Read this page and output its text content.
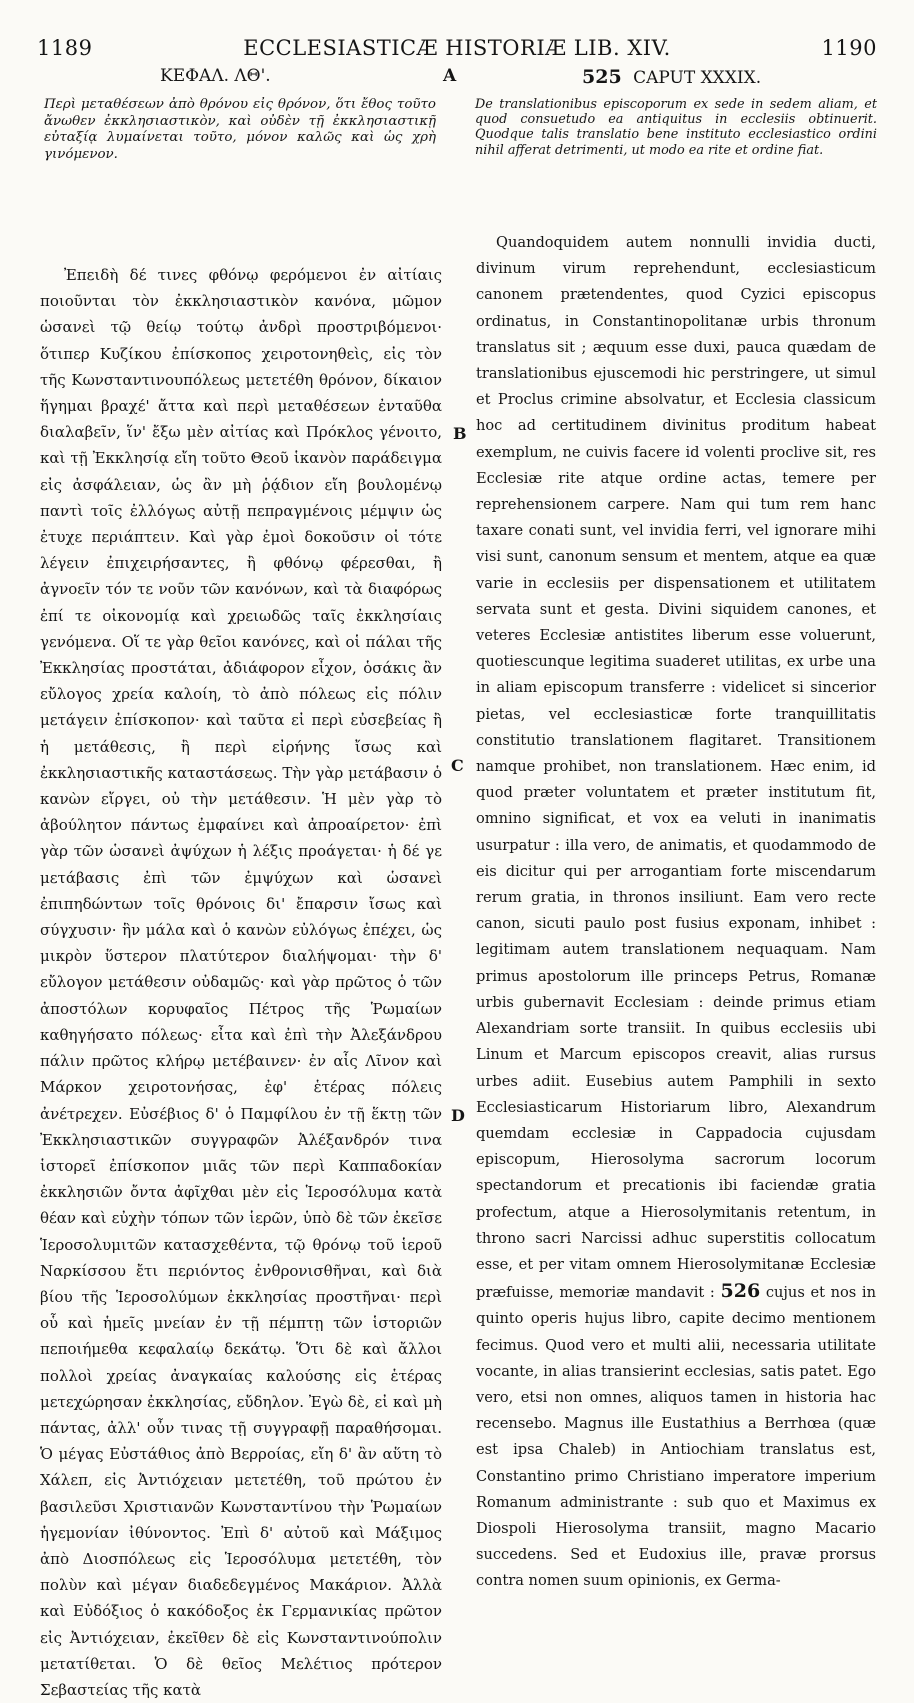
1189	ECCLESIASTICÆ HISTORIÆ LIB. XIV.	1190
ΚΕΦΑΛ. ΛΘ'.	A	525 CAPUT XXXIX.
Περὶ μεταθέσεων ἀπὸ θρόνου εἰς θρόνον, ὅτι ἔθος τοῦτο ἄνωθεν ἐκκλησιαστικὸν, καὶ οὐδὲν τῇ ἐκκλησιαστικῇ εὐταξίᾳ λυμαίνεται τοῦτο, μόνον καλῶς καὶ ὡς χρὴ γινόμενον.
De translationibus episcoporum ex sede in sedem aliam, et quod consuetudo ea antiquitus in ecclesiis obtinuerit. Quodque talis translatio bene instituto ecclesiastico ordini nihil afferat detrimenti, ut modo ea rite et ordine fiat.
Ἐπειδὴ δέ τινες φθόνῳ φερόμενοι ἐν αἰτίαις ποιοῦνται τὸν ἐκκλησιαστικὸν κανόνα, μῶμον ὡσανεὶ τῷ θείῳ τούτῳ ἀνδρὶ προστριβόμενοι· ὅτιπερ Κυζίκου ἐπίσκοπος χειροτονηθεὶς, εἰς τὸν τῆς Κωνσταντινουπόλεως μετετέθη θρόνον, δίκαιον ἥγημαι βραχέ' ἄττα καὶ περὶ μεταθέσεων ἐνταῦθα διαλαβεῖν, ἵν' ἔξω μὲν αἰτίας καὶ Πρόκλος γένοιτο, καὶ τῇ Ἐκκλησίᾳ εἴη τοῦτο Θεοῦ ἱκανὸν παράδειγμα εἰς ἀσφάλειαν, ὡς ἂν μὴ ῥᾴδιον εἴη βουλομένῳ παντὶ τοῖς ἐλλόγως αὐτῇ πεπραγμένοις μέμψιν ὡς ἐτυχε περιάπτειν. Καὶ γὰρ ἐμοὶ δοκοῦσιν οἱ τότε λέγειν ἐπιχειρήσαντες, ἢ φθόνῳ φέρεσθαι, ἢ ἀγνοεῖν τόν τε νοῦν τῶν κανόνων, καὶ τὰ διαφόρως ἐπί τε οἰκονομίᾳ καὶ χρειωδῶς ταῖς ἐκκλησίαις γενόμενα. Οἵ τε γὰρ θεῖοι κανόνες, καὶ οἱ πάλαι τῆς Ἐκκλησίας προστάται, ἀδιάφορον εἶχον, ὁσάκις ἂν εὔλογος χρεία καλοίη, τὸ ἀπὸ πόλεως εἰς πόλιν μετάγειν ἐπίσκοπον· καὶ ταῦτα εἰ περὶ εὐσεβείας ἢ ἡ μετάθεσις, ἢ περὶ εἰρήνης ἴσως καὶ ἐκκλησιαστικῆς καταστάσεως. Τὴν γὰρ μετάβασιν ὁ κανὼν εἴργει, οὐ τὴν μετάθεσιν. Ἡ μὲν γὰρ τὸ ἀβούλητον πάντως ἐμφαίνει καὶ ἀπροαίρετον· ἐπὶ γὰρ τῶν ὡσανεὶ ἀψύχων ἡ λέξις προάγεται· ἡ δέ γε μετάβασις ἐπὶ τῶν ἐμψύχων καὶ ὡσανεὶ ἐπιπηδώντων τοῖς θρόνοις δι' ἔπαρσιν ἴσως καὶ σύγχυσιν· ἣν μάλα καὶ ὁ κανὼν εὐλόγως ἐπέχει, ὡς μικρὸν ὕστερον πλατύτερον διαλήψομαι· τὴν δ' εὔλογον μετάθεσιν οὐδαμῶς· καὶ γὰρ πρῶτος ὁ τῶν ἀποστόλων κορυφαῖος Πέτρος τῆς Ῥωμαίων καθηγήσατο πόλεως· εἶτα καὶ ἐπὶ τὴν Ἀλεξάνδρου πάλιν πρῶτος κλήρῳ μετέβαινεν· ἐν αἷς Λῖνον καὶ Μάρκον χειροτονήσας, ἐφ' ἑτέρας πόλεις ἀνέτρεχεν. Εὐσέβιος δ' ὁ Παμφίλου ἐν τῇ ἕκτῃ τῶν Ἐκκλησιαστικῶν συγγραφῶν Ἀλέξανδρόν τινα ἱστορεῖ ἐπίσκοπον μιᾶς τῶν περὶ Καππαδοκίαν ἐκκλησιῶν ὄντα ἀφῖχθαι μὲν εἰς Ἱεροσόλυμα κατὰ θέαν καὶ εὐχὴν τόπων τῶν ἱερῶν, ὑπὸ δὲ τῶν ἐκεῖσε Ἱεροσολυμιτῶν κατασχεθέντα, τῷ θρόνῳ τοῦ ἱεροῦ Ναρκίσσου ἔτι περιόντος ἐνθρονισθῆναι, καὶ διὰ βίου τῆς Ἱεροσολύμων ἐκκλησίας προστῆναι· περὶ οὗ καὶ ἡμεῖς μνείαν ἐν τῇ πέμπτῃ τῶν ἱστοριῶν πεποιήμεθα κεφαλαίῳ δεκάτῳ. Ὅτι δὲ καὶ ἄλλοι πολλοὶ χρείας ἀναγκαίας καλούσης εἰς ἑτέρας μετεχώρησαν ἐκκλησίας, εὔδηλον. Ἐγὼ δὲ, εἰ καὶ μὴ πάντας, ἀλλ' οὖν τινας τῇ συγγραφῇ παραθήσομαι. Ὁ μέγας Εὐστάθιος ἀπὸ Βερροίας, εἴη δ' ἂν αὕτη τὸ Χάλεπ, εἰς Ἀντιόχειαν μετετέθη, τοῦ πρώτου ἐν βασιλεῦσι Χριστιανῶν Κωνσταντίνου τὴν Ῥωμαίων ἡγεμονίαν ἰθύνοντος. Ἐπὶ δ' αὐτοῦ καὶ Μάξιμος ἀπὸ Διοσπόλεως εἰς Ἱεροσόλυμα μετετέθη, τὸν πολὺν καὶ μέγαν διαδεδεγμένος Μακάριον. Ἀλλὰ καὶ Εὐδόξιος ὁ κακόδοξος ἐκ Γερμανικίας πρῶτον εἰς Ἀντιόχειαν, ἐκεῖθεν δὲ εἰς Κωνσταντινούπολιν μετατίθεται. Ὁ δὲ θεῖος Μελέτιος πρότερον Σεβαστείας τῆς κατὰ
Quandoquidem autem nonnulli invidia ducti, divinum virum reprehendunt, ecclesiasticum canonem prætendentes, quod Cyzici episcopus ordinatus, in Constantinopolitanæ urbis thronum translatus sit ; æquum esse duxi, pauca quædam de translationibus ejuscemodi hic perstringere, ut simul et Proclus crimine absolvatur, et Ecclesia classicum hoc ad certitudinem divinitus proditum habeat exemplum, ne cuivis facere id volenti proclive sit, res Ecclesiæ rite atque ordine actas, temere per reprehensionem carpere. Nam qui tum rem hanc taxare conati sunt, vel invidia ferri, vel ignorare mihi visi sunt, canonum sensum et mentem, atque ea quæ varie in ecclesiis per dispensationem et utilitatem servata sunt et gesta. Divini siquidem canones, et veteres Ecclesiæ antistites liberum esse voluerunt, quotiescunque legitima suaderet utilitas, ex urbe una in aliam episcopum transferre : videlicet si sincerior pietas, vel ecclesiasticæ forte tranquillitatis constitutio translationem flagitaret. Transitionem namque prohibet, non translationem. Hæc enim, id quod præter voluntatem et præter institutum fit, omnino significat, et vox ea veluti in inanimatis usurpatur : illa vero, de animatis, et quodammodo de eis dicitur qui per arrogantiam forte miscendarum rerum gratia, in thronos insiliunt. Eam vero recte canon, sicuti paulo post fusius exponam, inhibet : legitimam autem translationem nequaquam. Nam primus apostolorum ille princeps Petrus, Romanæ urbis gubernavit Ecclesiam : deinde primus etiam Alexandriam sorte transiit. In quibus ecclesiis ubi Linum et Marcum episcopos creavit, alias rursus urbes adiit. Eusebius autem Pamphili in sexto Ecclesiasticarum Historiarum libro, Alexandrum quemdam ecclesiæ in Cappadocia cujusdam episcopum, Hierosolyma sacrorum locorum spectandorum et precationis ibi faciendæ gratia profectum, atque a Hierosolymitanis retentum, in throno sacri Narcissi adhuc superstitis collocatum esse, et per vitam omnem Hierosolymitanæ Ecclesiæ præfuisse, memoriæ mandavit : 526 cujus et nos in quinto operis hujus libro, capite decimo mentionem fecimus. Quod vero et multi alii, necessaria utilitate vocante, in alias transierint ecclesias, satis patet. Ego vero, etsi non omnes, aliquos tamen in historia hac recensebo. Magnus ille Eustathius a Berrhœa (quæ est ipsa Chaleb) in Antiochiam translatus est, Constantino primo Christiano imperatore imperium Romanum administrante : sub quo et Maximus ex Diospoli Hierosolyma transiit, magno Macario succedens. Sed et Eudoxius ille, pravæ prorsus contra nomen suum opinionis, ex Germa-
B
C
D
